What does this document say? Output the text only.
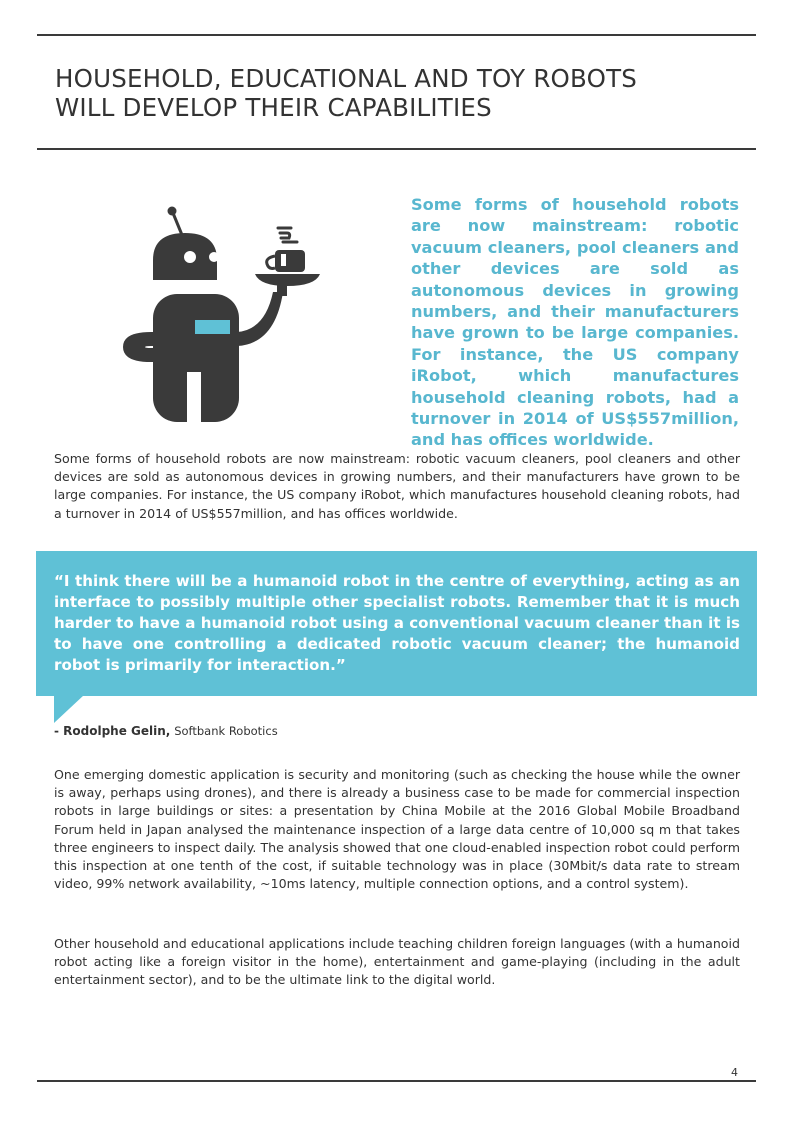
HOUSEHOLD, EDUCATIONAL AND TOY ROBOTS
WILL DEVELOP THEIR CAPABILITIES

Some forms of household robots are now mainstream: robotic vacuum cleaners, pool cleaners and other devices are sold as autonomous devices in growing numbers, and their manufacturers have grown to be large companies. For instance, the US company iRobot, which manufactures household cleaning robots, had a turnover in 2014 of US$557million, and has offices worldwide.

Some forms of household robots are now mainstream: robotic vacuum cleaners, pool cleaners and other devices are sold as autonomous devices in growing numbers, and their manufacturers have grown to be large companies. For instance, the US company iRobot, which manufactures household cleaning robots, had a turnover in 2014 of US$557million, and has offices worldwide.

“I think there will be a humanoid robot in the centre of everything, acting as an interface to possibly multiple other specialist robots. Remember that it is much harder to have a humanoid robot using a conventional vacuum cleaner than it is to have one controlling a dedicated robotic vacuum cleaner; the humanoid robot is primarily for interaction.”

- Rodolphe Gelin, Softbank Robotics

One emerging domestic application is security and monitoring (such as checking the house while the owner is away, perhaps using drones), and there is already a business case to be made for commercial inspection robots in large buildings or sites: a presentation by China Mobile at the 2016 Global Mobile Broadband Forum held in Japan analysed the maintenance inspection of a large data centre of 10,000 sq m that takes three engineers to inspect daily. The analysis showed that one cloud-enabled inspection robot could perform this inspection at one tenth of the cost, if suitable technology was in place (30Mbit/s data rate to stream video, 99% network availability, ~10ms latency, multiple connection options, and a control system).

Other household and educational applications include teaching children foreign languages (with a humanoid robot acting like a foreign visitor in the home), entertainment and game-playing (including in the adult entertainment sector), and to be the ultimate link to the digital world.

4
